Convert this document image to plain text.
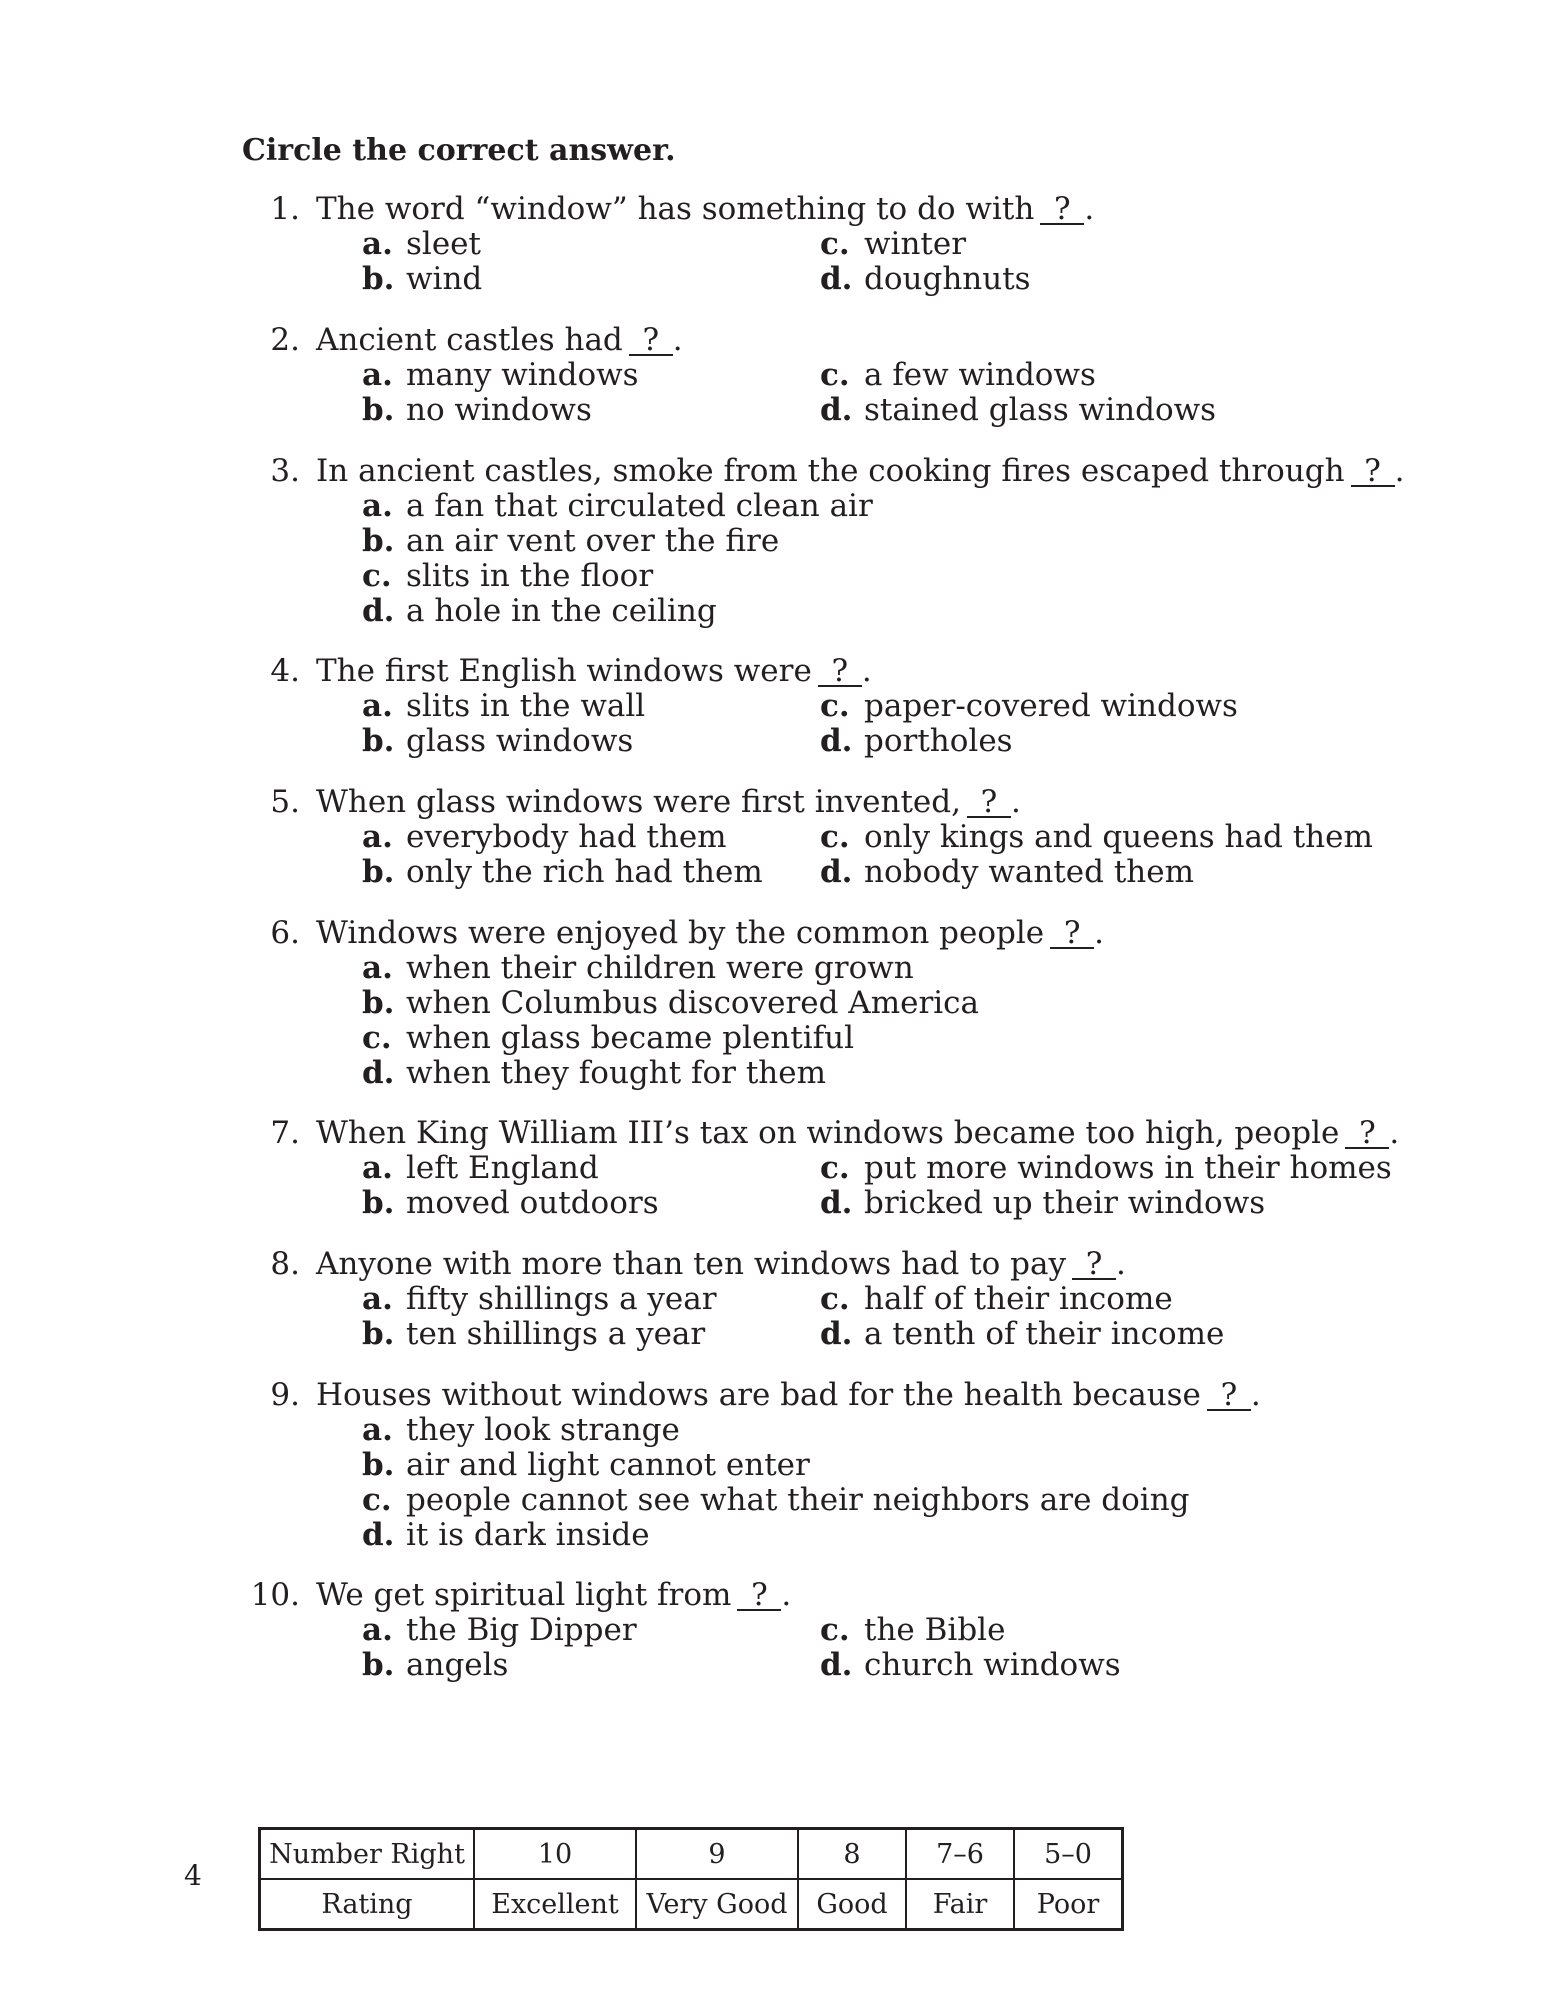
Circle the correct answer.

1. The word “window” has something to do with ? .
a. sleet	c. winter
b. wind	d. doughnuts
2. Ancient castles had ? .
a. many windows	c. a few windows
b. no windows	d. stained glass windows
3. In ancient castles, smoke from the cooking fires escaped through ? .
a. a fan that circulated clean air
b. an air vent over the fire
c. slits in the floor
d. a hole in the ceiling
4. The first English windows were ? .
a. slits in the wall	c. paper-covered windows
b. glass windows	d. portholes
5. When glass windows were first invented, ? .
a. everybody had them	c. only kings and queens had them
b. only the rich had them	d. nobody wanted them
6. Windows were enjoyed by the common people ? .
a. when their children were grown
b. when Columbus discovered America
c. when glass became plentiful
d. when they fought for them
7. When King William III’s tax on windows became too high, people ? .
a. left England	c. put more windows in their homes
b. moved outdoors	d. bricked up their windows
8. Anyone with more than ten windows had to pay ? .
a. fifty shillings a year	c. half of their income
b. ten shillings a year	d. a tenth of their income
9. Houses without windows are bad for the health because ? .
a. they look strange
b. air and light cannot enter
c. people cannot see what their neighbors are doing
d. it is dark inside
10. We get spiritual light from ? .
a. the Big Dipper	c. the Bible
b. angels	d. church windows
4
Number Right	10	9	8	7–6	5–0
Rating	Excellent	Very Good	Good	Fair	Poor
